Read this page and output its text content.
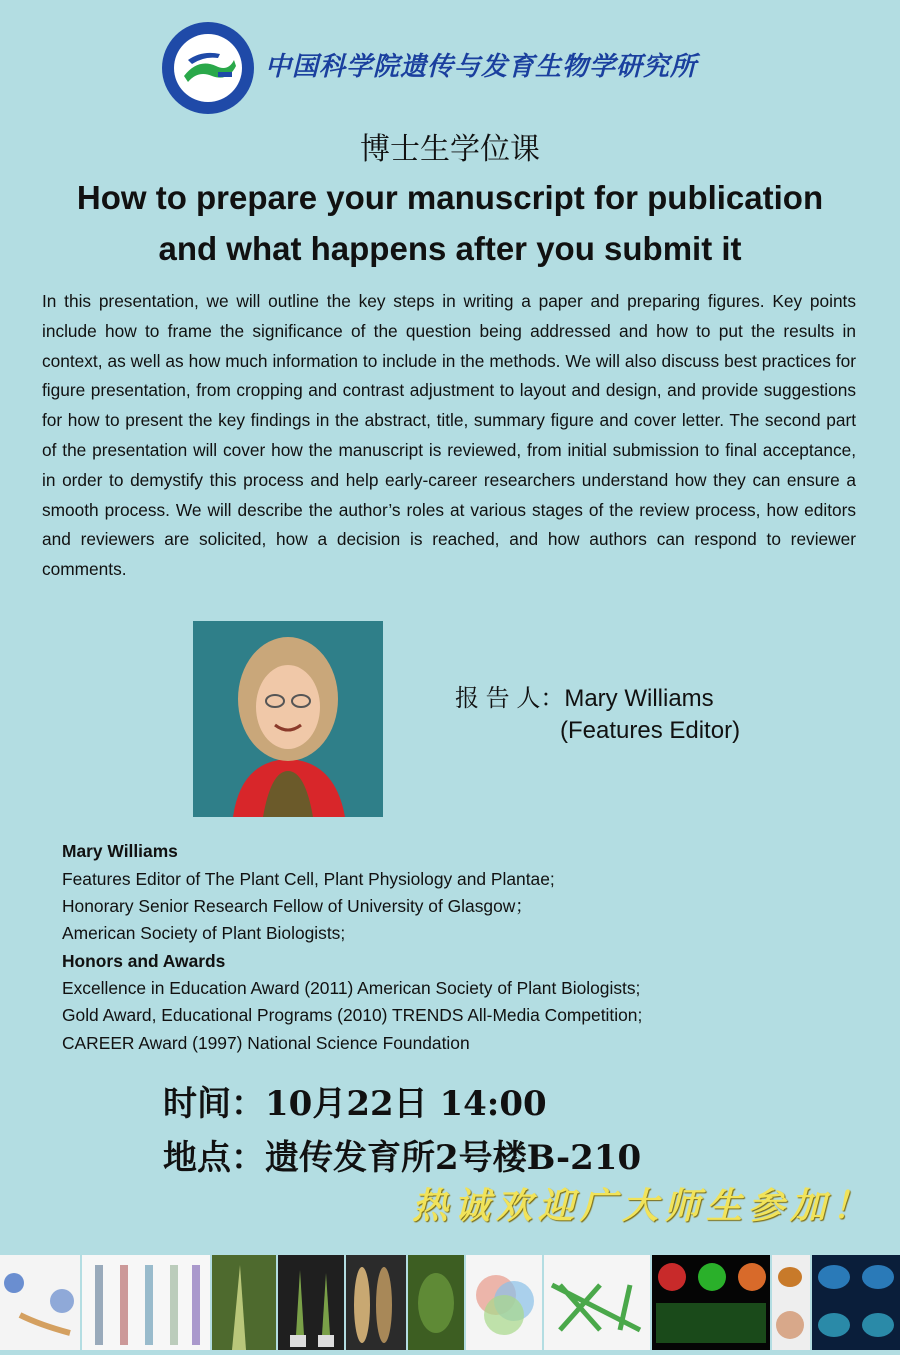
中国科学院遗传与发育生物学研究所
博士生学位课
How to prepare your manuscript for publication
and what happens after you submit it
In this presentation, we will outline the key steps in writing a paper and preparing figures. Key points include how to frame the significance of the question being addressed and how to put the results in context, as well as how much information to include in the methods. We will also discuss best practices for figure presentation, from cropping and contrast adjustment to layout and design, and provide suggestions for how to present the key findings in the abstract, title, summary figure and cover letter. The second part of the presentation will cover how the manuscript is reviewed, from initial submission to final acceptance, in order to demystify this process and help early-career researchers understand how they can ensure a smooth process. We will describe the author’s roles at various stages of the review process, how editors and reviewers are solicited, how a decision is reached, and how authors can respond to reviewer comments.
报 告 人：Mary Williams
(Features Editor)
Mary Williams
Features Editor of The Plant Cell, Plant Physiology and Plantae;
Honorary Senior Research Fellow of University of Glasgow；
American Society of Plant Biologists;
Honors and Awards
Excellence in Education Award (2011) American Society of Plant Biologists;
Gold Award, Educational Programs (2010) TRENDS All-Media Competition;
CAREER Award (1997) National Science Foundation
时间：10月22日 14:00
地点：遗传发育所2号楼B-210
热诚欢迎广大师生参加！
